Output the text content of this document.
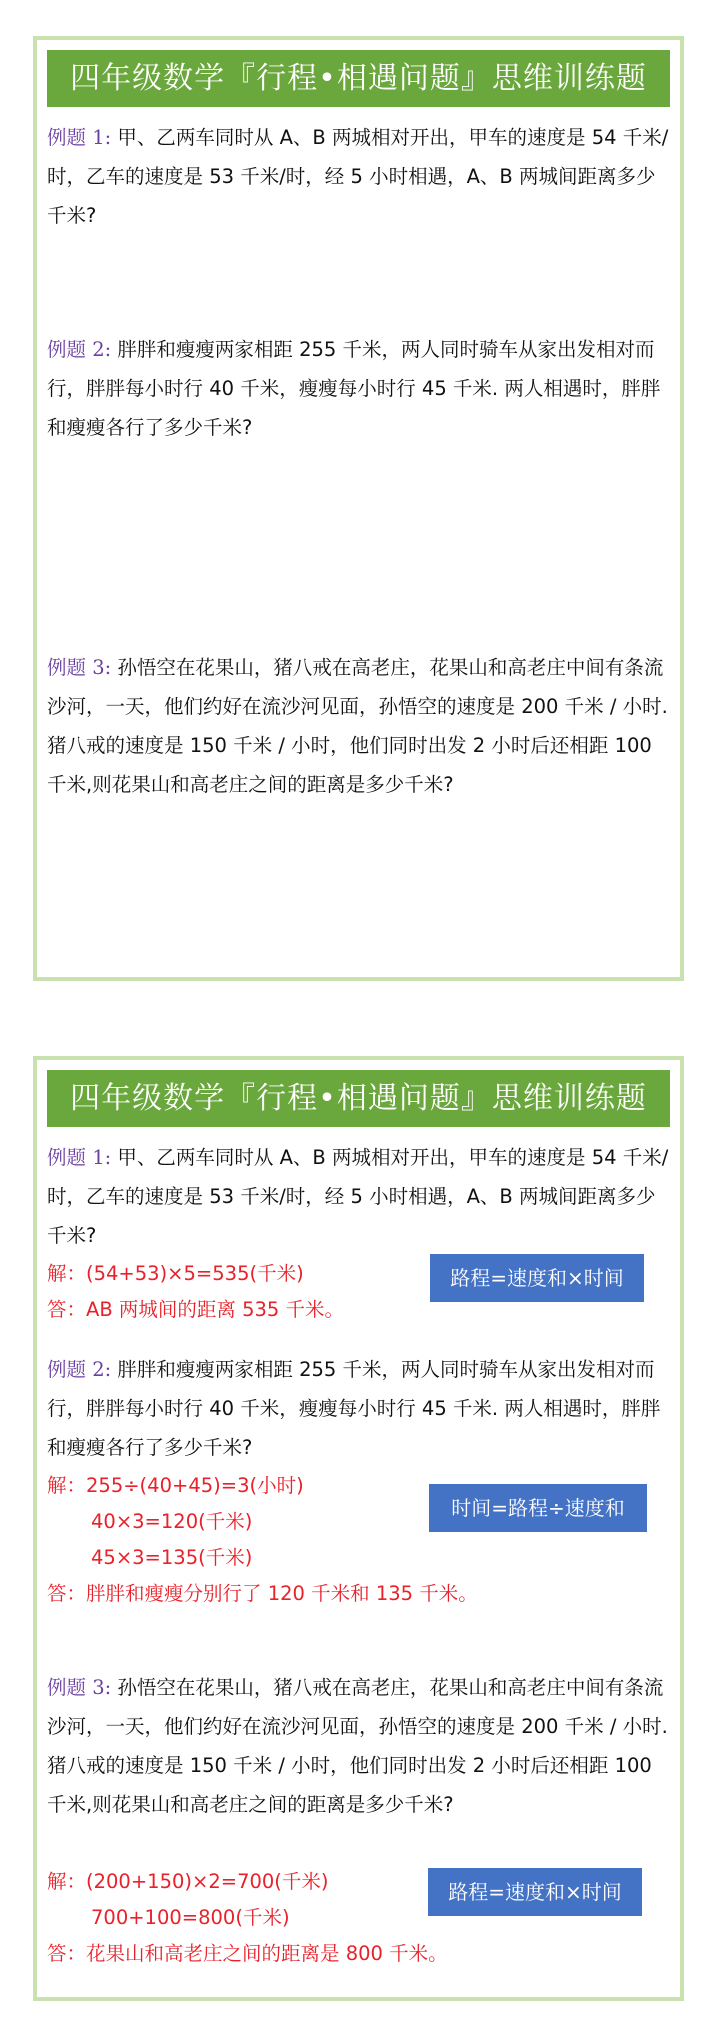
四年级数学『行程•相遇问题』思维训练题
例题 1: 甲、乙两车同时从 A、B 两城相对开出，甲车的速度是 54 千米/时，乙车的速度是 53 千米/时，经 5 小时相遇，A、B 两城间距离多少千米?
例题 2: 胖胖和瘦瘦两家相距 255 千米，两人同时骑车从家出发相对而行，胖胖每小时行 40 千米，瘦瘦每小时行 45 千米. 两人相遇时，胖胖和瘦瘦各行了多少千米?
例题 3: 孙悟空在花果山，猪八戒在高老庄，花果山和高老庄中间有条流沙河，一天，他们约好在流沙河见面，孙悟空的速度是 200 千米 / 小时. 猪八戒的速度是 150 千米 / 小时，他们同时出发 2 小时后还相距 100 千米,则花果山和高老庄之间的距离是多少千米?
四年级数学『行程•相遇问题』思维训练题
例题 1: 甲、乙两车同时从 A、B 两城相对开出，甲车的速度是 54 千米/时，乙车的速度是 53 千米/时，经 5 小时相遇，A、B 两城间距离多少千米?
解：(54+53)×5=535(千米)
答：AB 两城间的距离 535 千米。
路程=速度和×时间
例题 2: 胖胖和瘦瘦两家相距 255 千米，两人同时骑车从家出发相对而行，胖胖每小时行 40 千米，瘦瘦每小时行 45 千米. 两人相遇时，胖胖和瘦瘦各行了多少千米?
解：255÷(40+45)=3(小时)
40×3=120(千米)
45×3=135(千米)
答：胖胖和瘦瘦分别行了 120 千米和 135 千米。
时间=路程÷速度和
例题 3: 孙悟空在花果山，猪八戒在高老庄，花果山和高老庄中间有条流沙河，一天，他们约好在流沙河见面，孙悟空的速度是 200 千米 / 小时. 猪八戒的速度是 150 千米 / 小时，他们同时出发 2 小时后还相距 100 千米,则花果山和高老庄之间的距离是多少千米?
解：(200+150)×2=700(千米)
700+100=800(千米)
答：花果山和高老庄之间的距离是 800 千米。
路程=速度和×时间
